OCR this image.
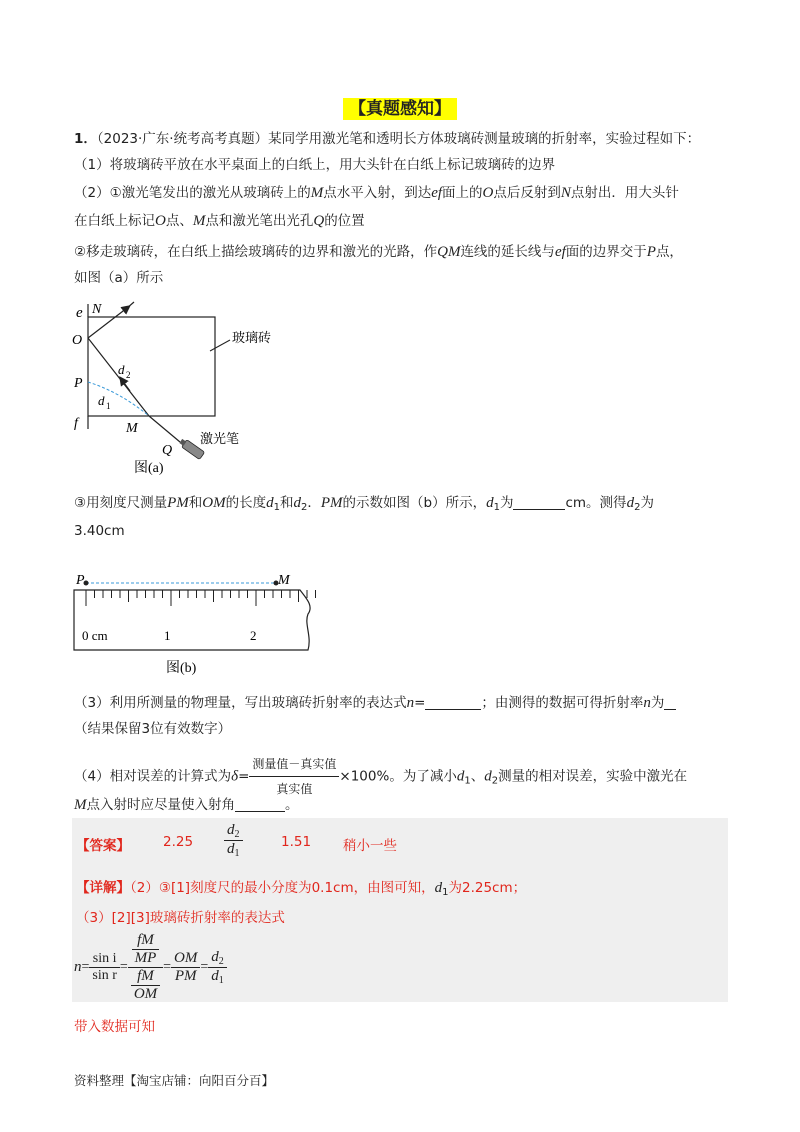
【真题感知】
1．（2023·广东·统考高考真题）某同学用激光笔和透明长方体玻璃砖测量玻璃的折射率，实验过程如下：
（1）将玻璃砖平放在水平桌面上的白纸上，用大头针在白纸上标记玻璃砖的边界
（2）①激光笔发出的激光从玻璃砖上的M点水平入射，到达ef面上的O点后反射到N点射出．用大头针
在白纸上标记O点、M点和激光笔出光孔Q的位置
②移走玻璃砖，在白纸上描绘玻璃砖的边界和激光的光路，作QM连线的延长线与ef面的边界交于P点，
如图（a）所示
e N
O
P
d 2
d 1
f	M
Q
玻璃砖
激光笔
图(a)
③用刻度尺测量PM和OM的长度$d_1$和$d_2$．PM的示数如图（b）所示，$d_1$为	cm。测得$d_2$为
3.40cm
P	M
0 cm	1	2
图(b)
（3）利用所测量的物理量，写出玻璃砖折射率的表达式n=	；由测得的数据可得折射率n为
（结果保留3位有效数字）
（4）相对误差的计算式为$\delta= \frac{\text{测量值－真实值}}{\text{真实值}} \times 100\%$。为了减小$d_1$、$d_2$测量的相对误差，实验中激光在
M点入射时应尽量使入射角	。
【答案】 $2.25 \frac{d_2}{d_1}$	1.51 稍小一些
【详解】（2）③[1]刻度尺的最小分度为0.1cm，由图可知，$d_1$为2.25cm；
（3）[2][3]玻璃砖折射率的表达式
$n= \frac{\text{sin i}}{\text{sin r}} = \frac{\frac{fM}{MP}}{\frac{fM}{OM}} = \frac{OM}{PM} = \frac{d_2}{d_1}$
带入数据可知
资料整理【淘宝店铺：向阳百分百】
